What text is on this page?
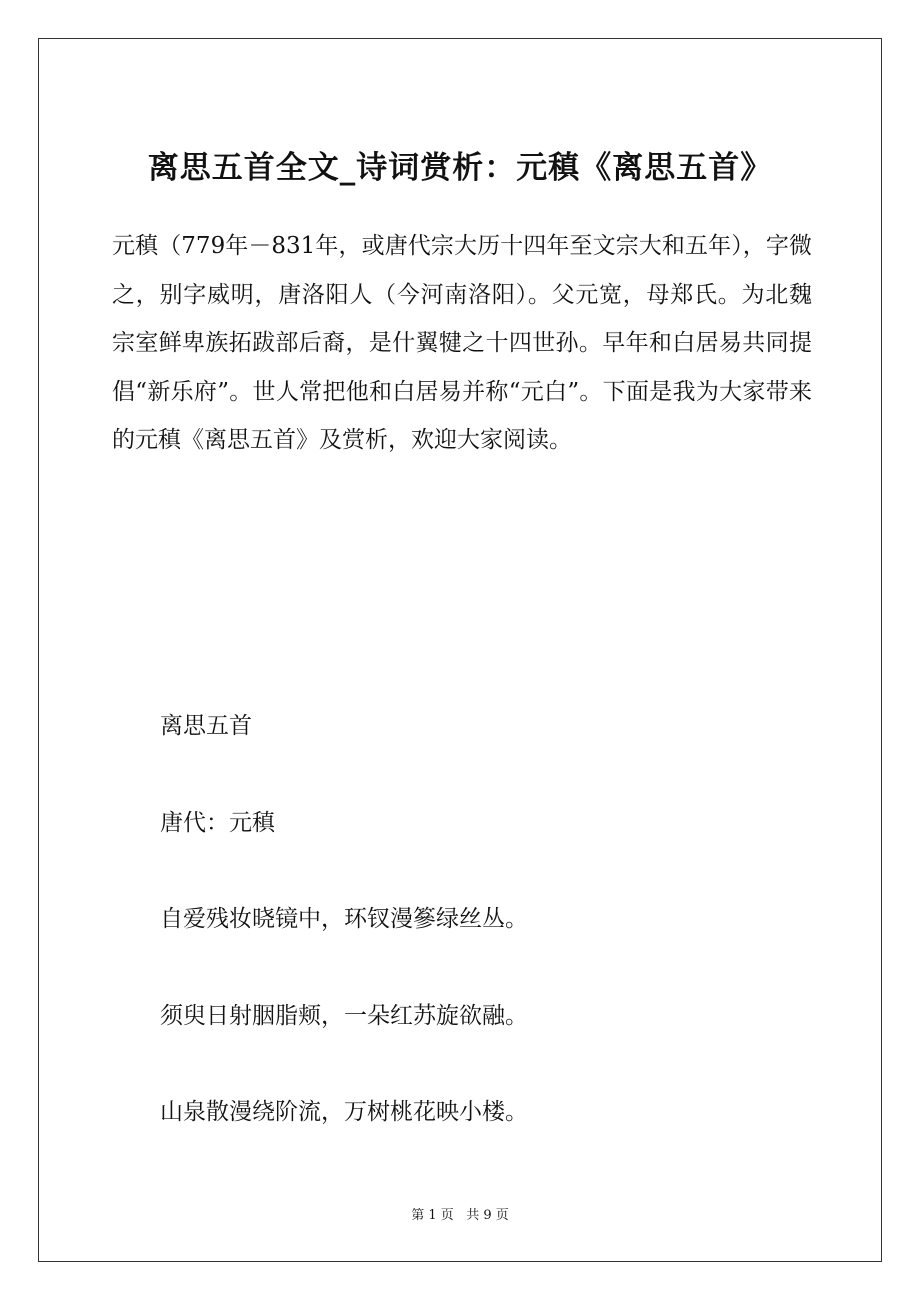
离思五首全文_诗词赏析：元稹《离思五首》

元稹（779年－831年，或唐代宗大历十四年至文宗大和五年），字微之，别字威明，唐洛阳人（今河南洛阳）。父元宽，母郑氏。为北魏宗室鲜卑族拓跋部后裔，是什翼犍之十四世孙。早年和白居易共同提倡“新乐府”。世人常把他和白居易并称“元白”。下面是我为大家带来的元稹《离思五首》及赏析，欢迎大家阅读。

离思五首

唐代：元稹

自爱残妆晓镜中，环钗漫篸绿丝丛。

须臾日射胭脂颊，一朵红苏旋欲融。

山泉散漫绕阶流，万树桃花映小楼。

第 1 页 共 9 页
